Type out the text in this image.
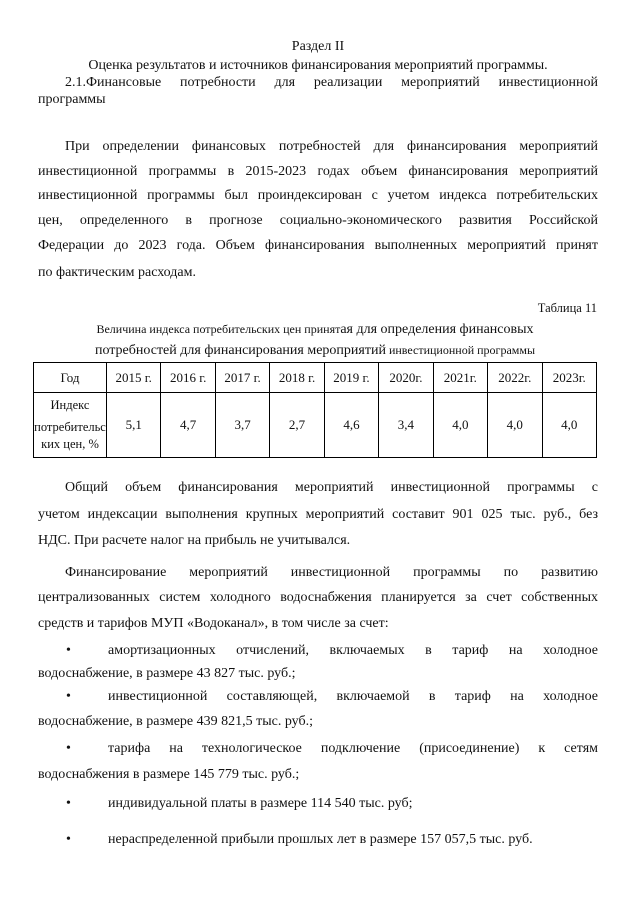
Раздел II
Оценка результатов и источников финансирования мероприятий программы.
2.1.Финансовые потребности для реализации мероприятий инвестиционной
программы
При определении финансовых потребностей для финансирования мероприятий
инвестиционной программы в 2015-2023 годах объем финансирования мероприятий
инвестиционной программы был проиндексирован с учетом индекса потребительских
цен, определенного в прогнозе социально-экономического развития Российской
Федерации до 2023 года. Объем финансирования выполненных мероприятий принят
по фактическим расходам.
Таблица 11
Величина индекса потребительских цен принятая для определения финансовых
потребностей для финансирования мероприятий инвестиционной программы
Год	2015 г.	2016 г.	2017 г.	2018 г.	2019 г.	2020г.	2021г.	2022г.	2023г.

Индекс
потребительс
ких цен, %	5,1	4,7	3,7	2,7	4,6	3,4	4,0	4,0	4,0
Общий объем финансирования мероприятий инвестиционной программы с
учетом индексации выполнения крупных мероприятий составит 901 025 тыс. руб., без
НДС. При расчете налог на прибыль не учитывался.
Финансирование мероприятий инвестиционной программы по развитию
централизованных систем холодного водоснабжения планируется за счет собственных
средств и тарифов МУП «Водоканал», в том числе за счет:
•	амортизационных отчислений, включаемых в тариф на холодное
водоснабжение, в размере 43 827 тыс. руб.;
•	инвестиционной составляющей, включаемой в тариф на холодное
водоснабжение, в размере 439 821,5 тыс. руб.;
•	тарифа на технологическое подключение (присоединение) к сетям
водоснабжения в размере 145 779 тыс. руб.;
•	индивидуальной платы в размере 114 540 тыс. руб;
•	нераспределенной прибыли прошлых лет в размере 157 057,5 тыс. руб.
